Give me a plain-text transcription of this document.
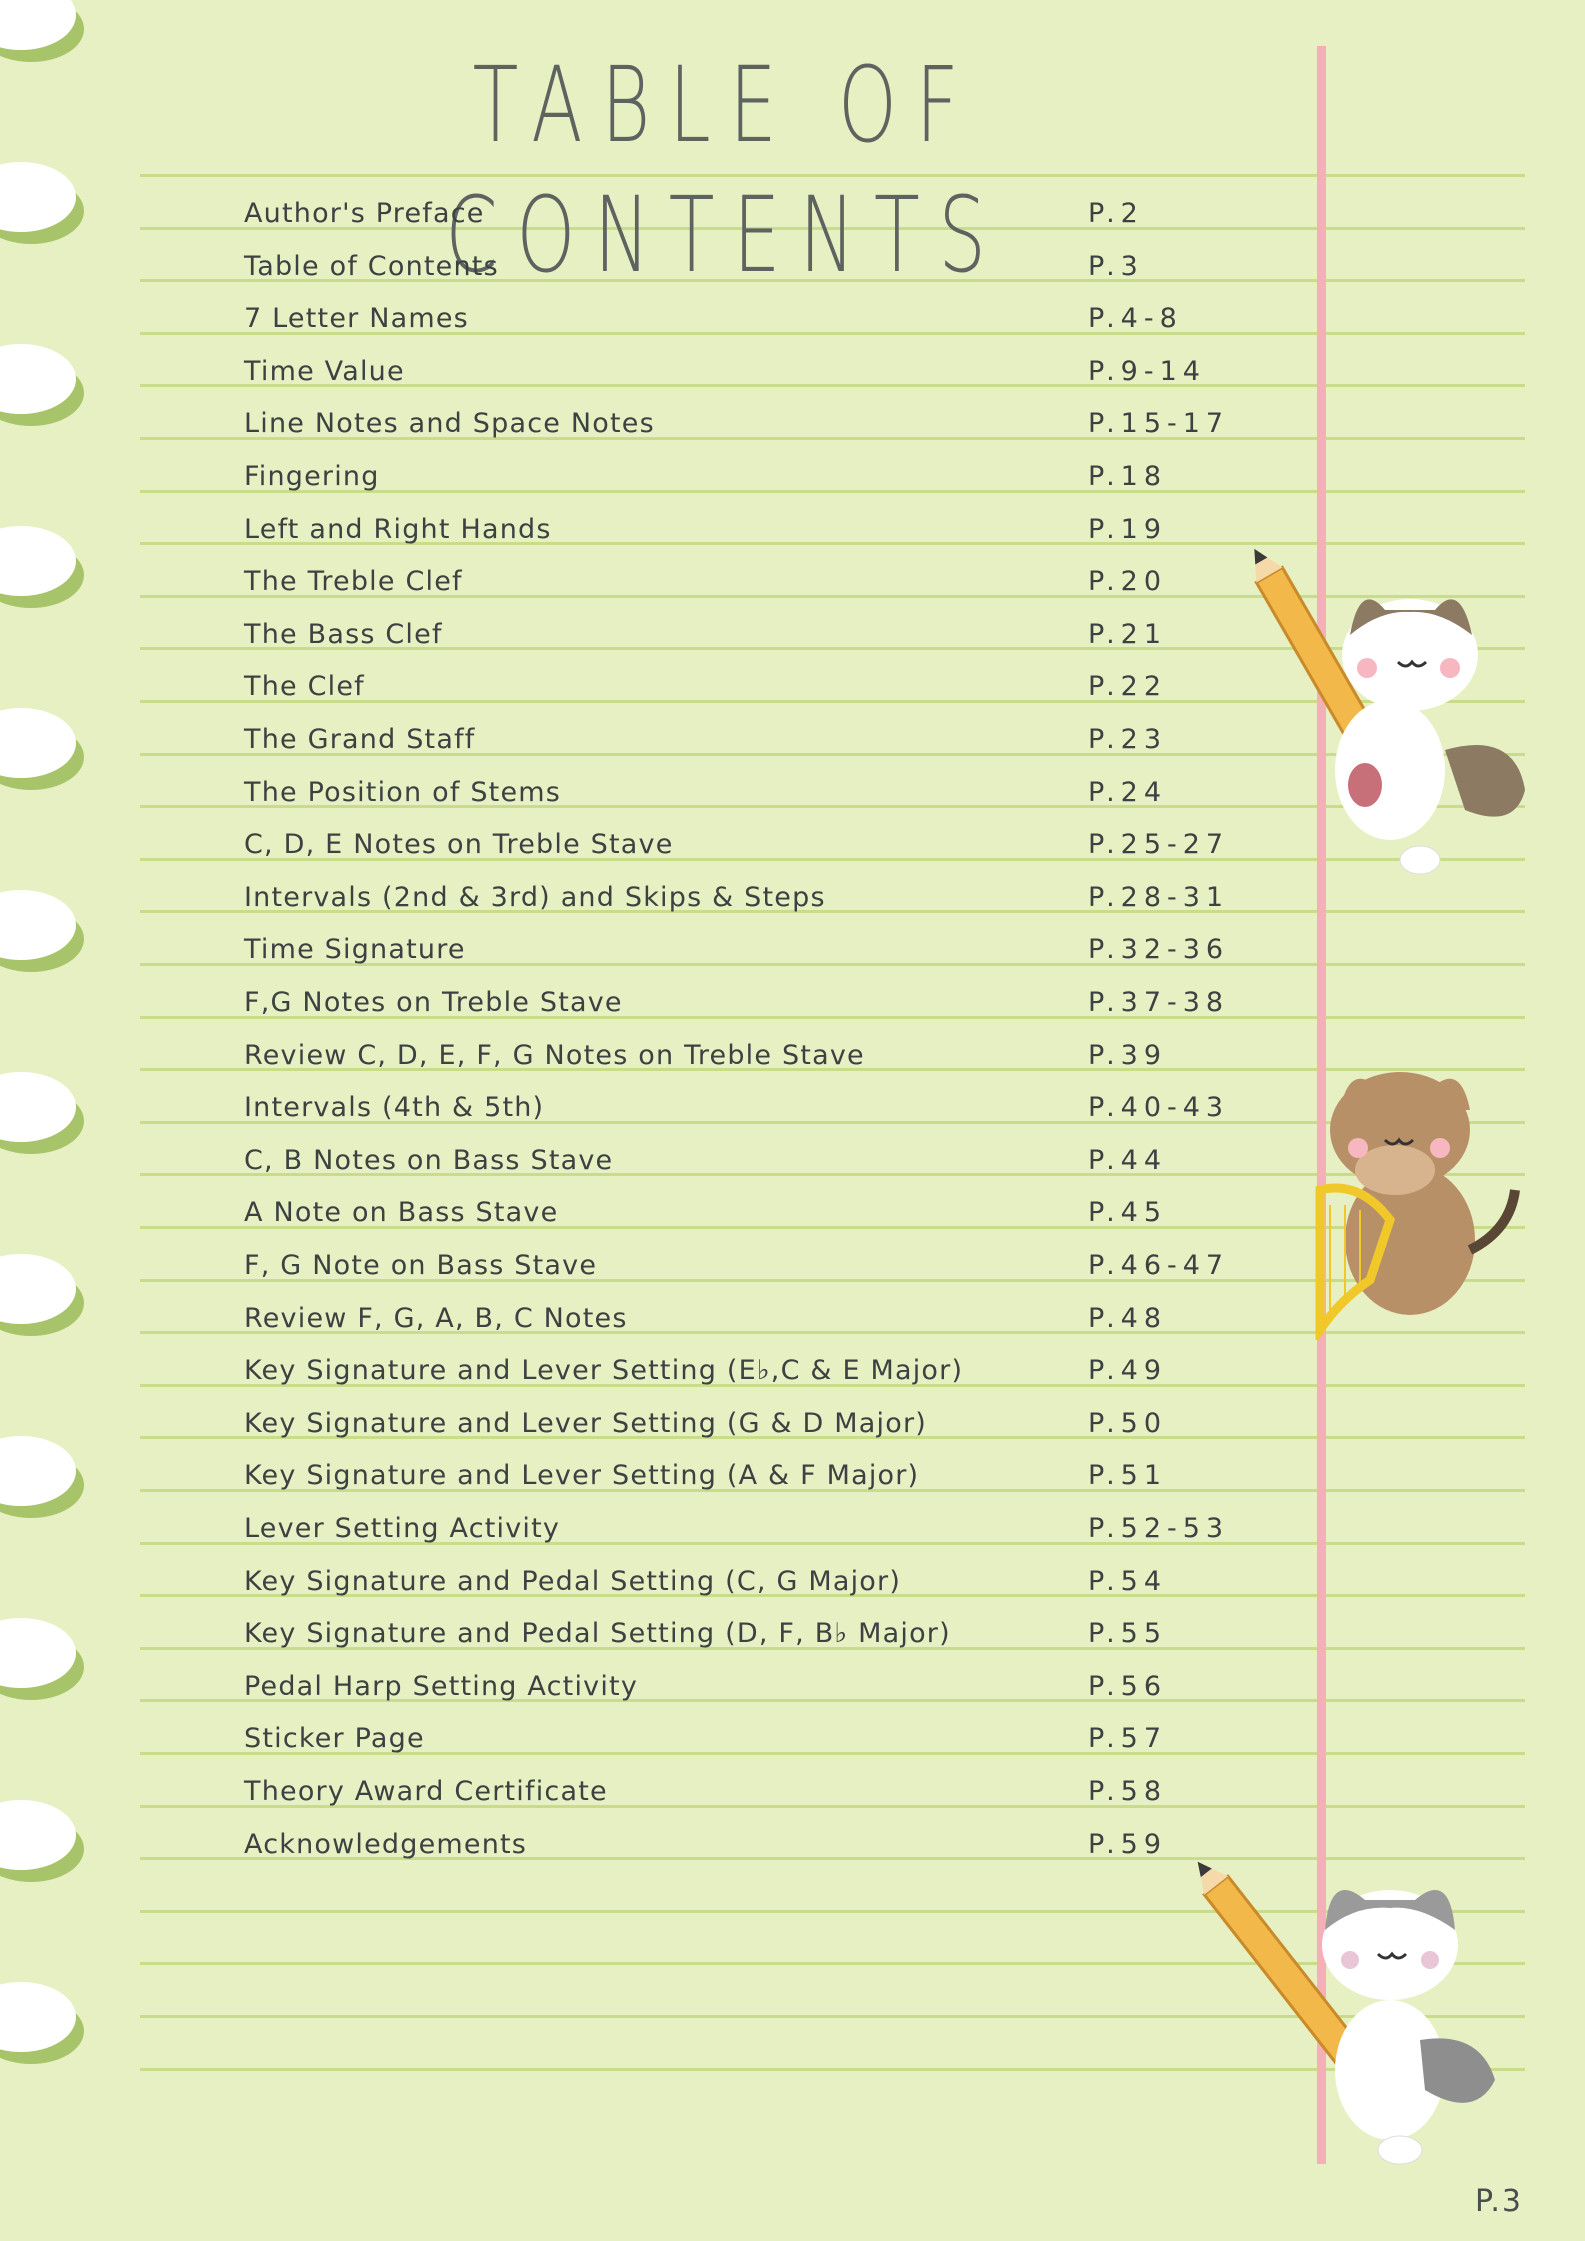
TABLE OF CONTENTS
Author's Preface	P.2
Table of Contents	P.3
7 Letter Names	P.4-8
Time Value	P.9-14
Line Notes and Space Notes	P.15-17
Fingering	P.18
Left and Right Hands	P.19
The Treble Clef	P.20
The Bass Clef	P.21
The Clef	P.22
The Grand Staff	P.23
The Position of Stems	P.24
C, D, E Notes on Treble Stave	P.25-27
Intervals (2nd & 3rd) and Skips & Steps	P.28-31
Time Signature	P.32-36
F,G Notes on Treble Stave	P.37-38
Review C, D, E, F, G Notes on Treble Stave	P.39
Intervals (4th & 5th)	P.40-43
C, B Notes on Bass Stave	P.44
A Note on Bass Stave	P.45
F, G Note on Bass Stave	P.46-47
Review F, G, A, B, C Notes	P.48
Key Signature and Lever Setting (E♭,C & E Major)	P.49
Key Signature and Lever Setting (G & D Major)	P.50
Key Signature and Lever Setting (A & F Major)	P.51
Lever Setting Activity	P.52-53
Key Signature and Pedal Setting (C, G Major)	P.54
Key Signature and Pedal Setting (D, F, B♭ Major)	P.55
Pedal Harp Setting Activity	P.56
Sticker Page	P.57
Theory Award Certificate	P.58
Acknowledgements	P.59
P.3
